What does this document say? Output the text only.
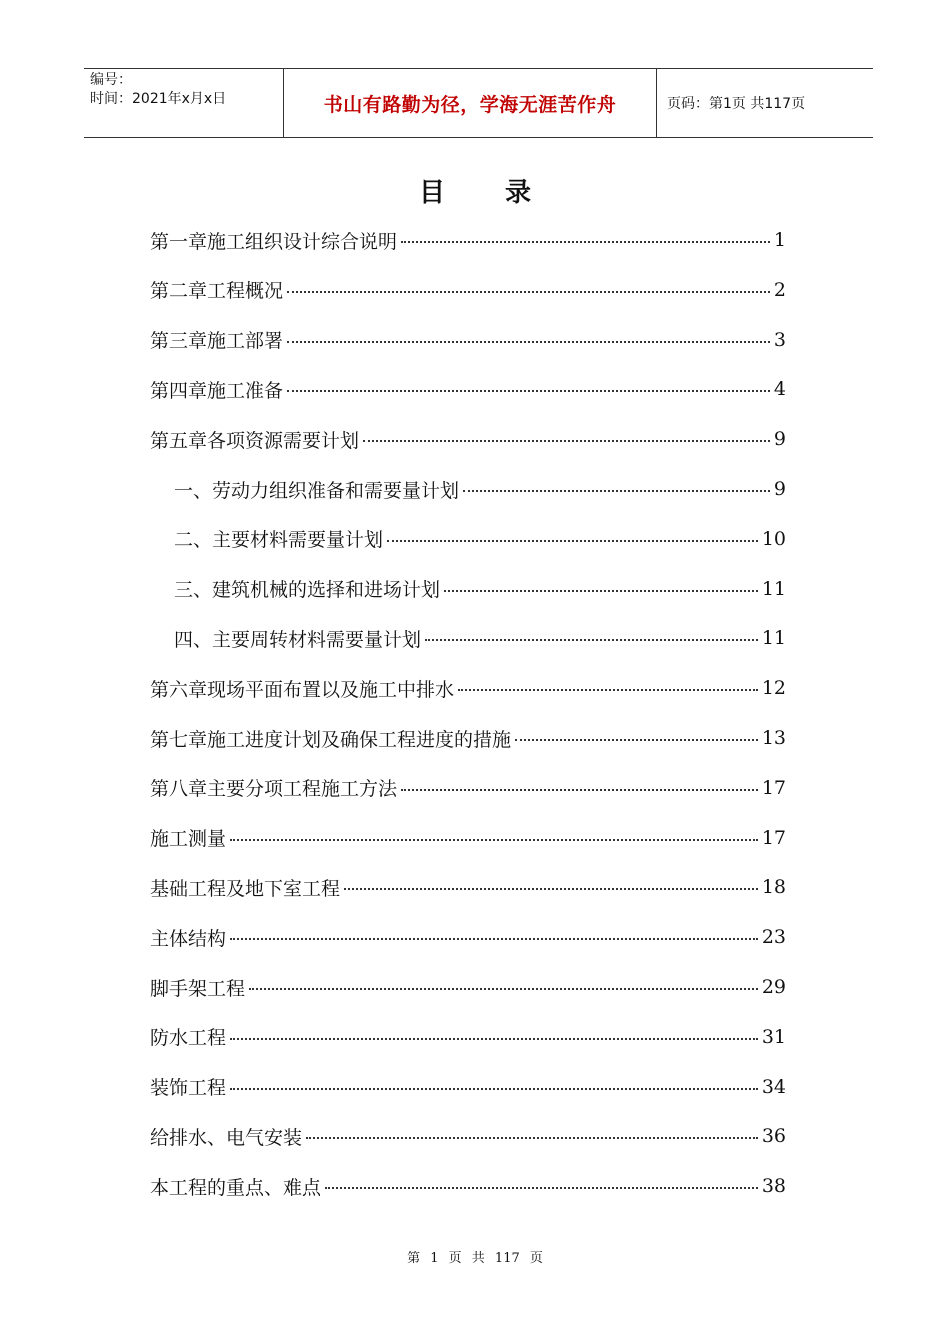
编号：
时间：2021年x月x日	书山有路勤为径，学海无涯苦作舟	页码：第1页 共117页
目录
第一章施工组织设计综合说明	1
第二章工程概况	2
第三章施工部署	3
第四章施工准备	4
第五章各项资源需要计划	9
一、劳动力组织准备和需要量计划	9
二、主要材料需要量计划	10
三、建筑机械的选择和进场计划	11
四、主要周转材料需要量计划	11
第六章现场平面布置以及施工中排水	12
第七章施工进度计划及确保工程进度的措施	13
第八章主要分项工程施工方法	17
施工测量	17
基础工程及地下室工程	18
主体结构	23
脚手架工程	29
防水工程	31
装饰工程	34
给排水、电气安装	36
本工程的重点、难点	38
第 1 页 共 117 页
